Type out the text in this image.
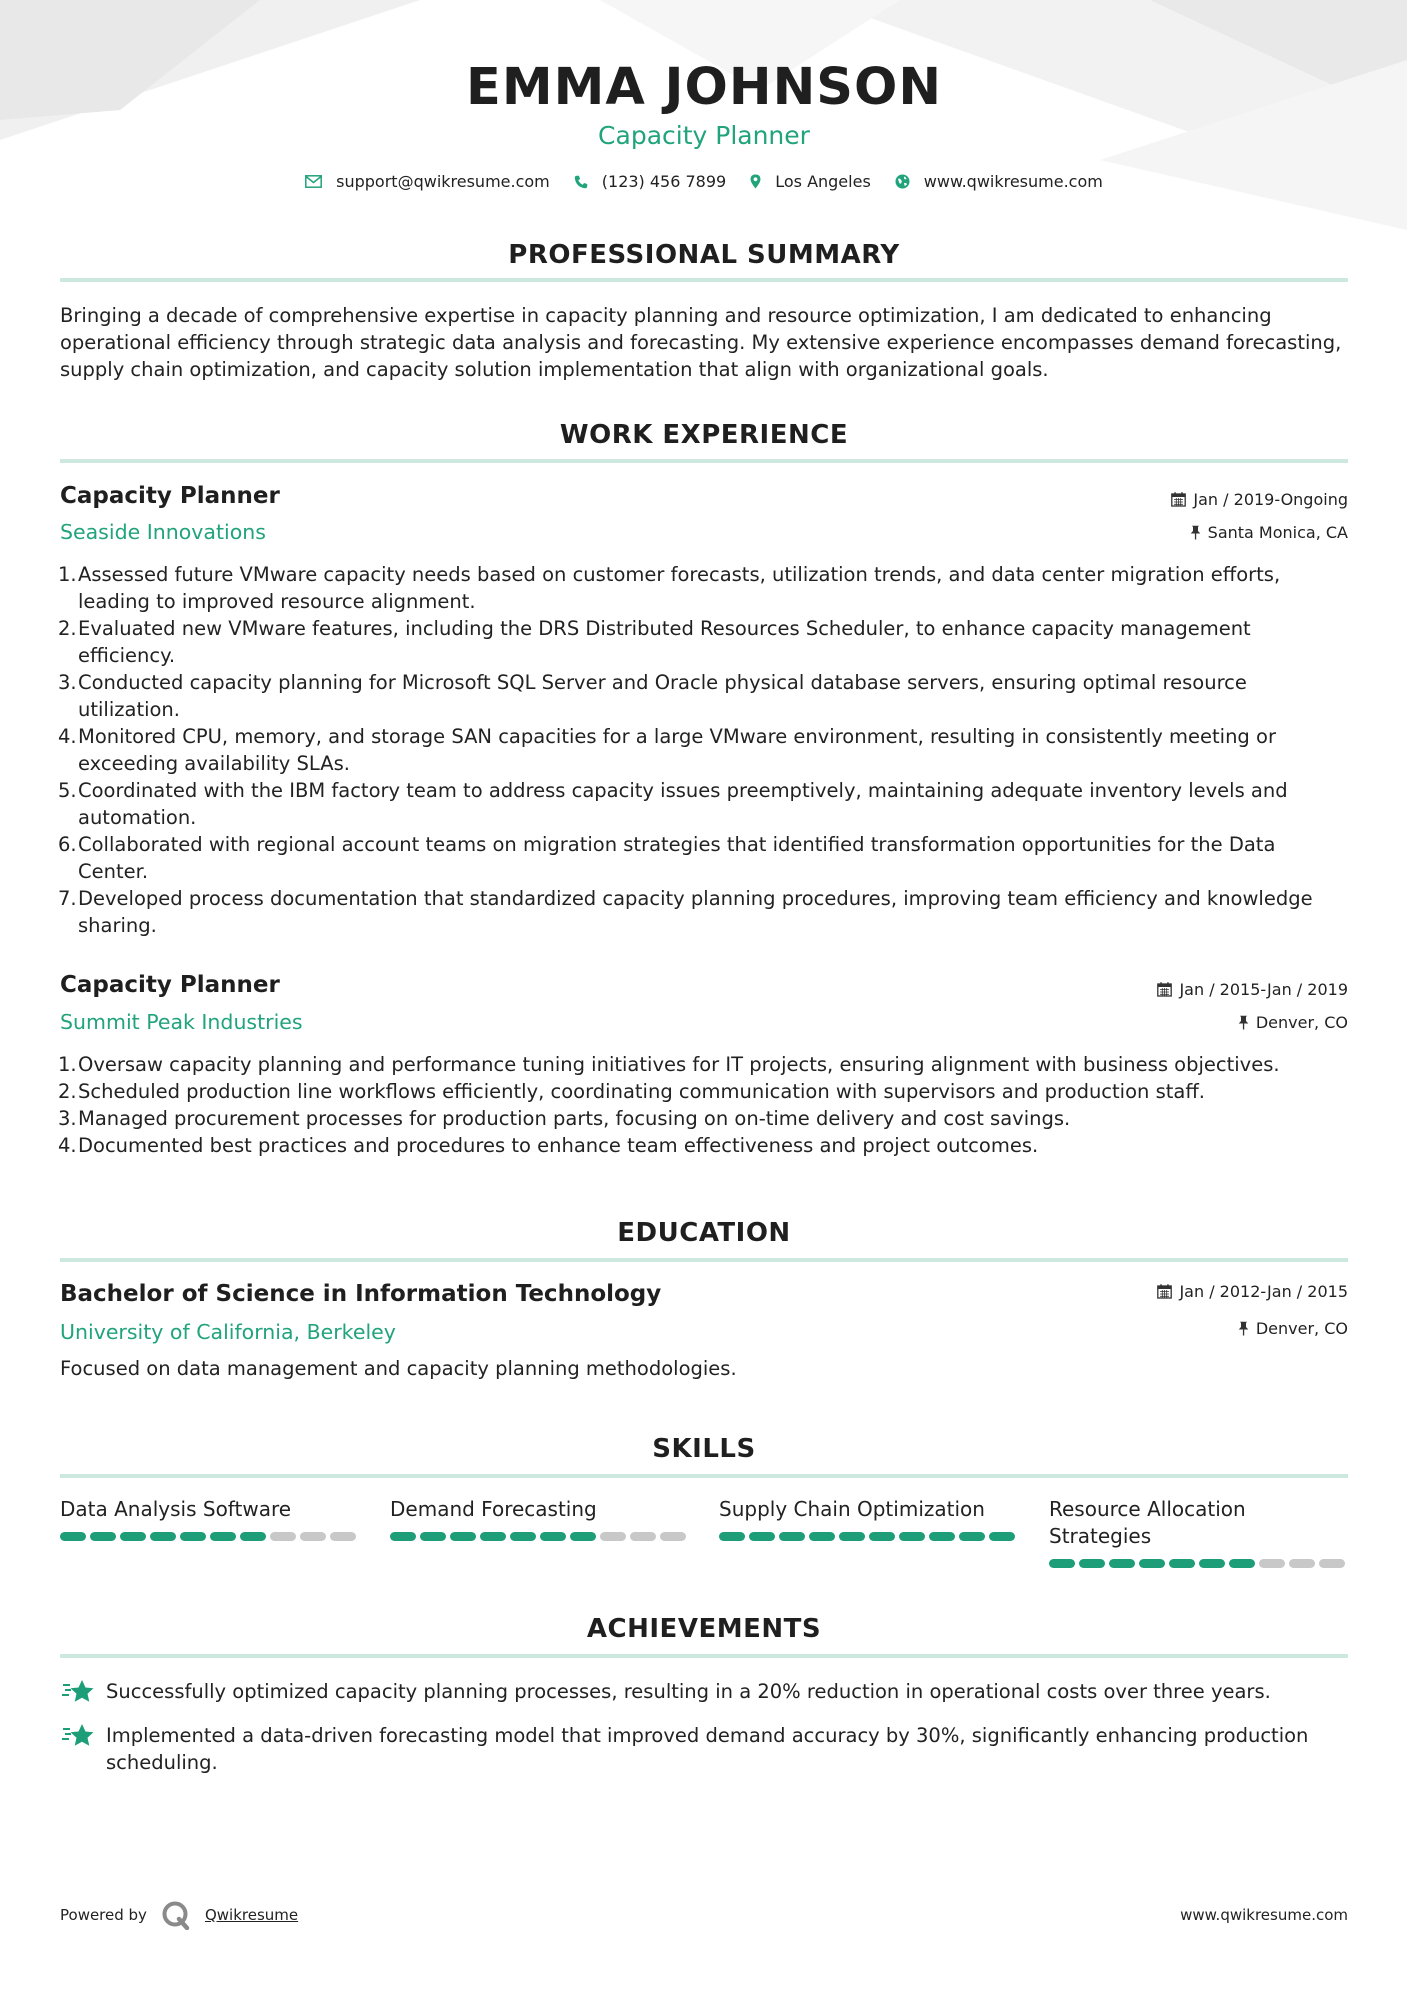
EMMA JOHNSON
Capacity Planner
support@qwikresume.com	(123) 456 7899	Los Angeles	www.qwikresume.com
PROFESSIONAL SUMMARY
Bringing a decade of comprehensive expertise in capacity planning and resource optimization, I am dedicated to enhancing operational efficiency through strategic data analysis and forecasting. My extensive experience encompasses demand forecasting, supply chain optimization, and capacity solution implementation that align with organizational goals.
WORK EXPERIENCE
Capacity Planner	Jan / 2019-Ongoing
Seaside Innovations	Santa Monica, CA
1. Assessed future VMware capacity needs based on customer forecasts, utilization trends, and data center migration efforts, leading to improved resource alignment.
2. Evaluated new VMware features, including the DRS Distributed Resources Scheduler, to enhance capacity management efficiency.
3. Conducted capacity planning for Microsoft SQL Server and Oracle physical database servers, ensuring optimal resource utilization.
4. Monitored CPU, memory, and storage SAN capacities for a large VMware environment, resulting in consistently meeting or exceeding availability SLAs.
5. Coordinated with the IBM factory team to address capacity issues preemptively, maintaining adequate inventory levels and automation.
6. Collaborated with regional account teams on migration strategies that identified transformation opportunities for the Data Center.
7. Developed process documentation that standardized capacity planning procedures, improving team efficiency and knowledge sharing.
Capacity Planner	Jan / 2015-Jan / 2019
Summit Peak Industries	Denver, CO
1. Oversaw capacity planning and performance tuning initiatives for IT projects, ensuring alignment with business objectives.
2. Scheduled production line workflows efficiently, coordinating communication with supervisors and production staff.
3. Managed procurement processes for production parts, focusing on on-time delivery and cost savings.
4. Documented best practices and procedures to enhance team effectiveness and project outcomes.
EDUCATION
Bachelor of Science in Information Technology	Jan / 2012-Jan / 2015
University of California, Berkeley	Denver, CO
Focused on data management and capacity planning methodologies.
SKILLS
Data Analysis Software	Demand Forecasting	Supply Chain Optimization	Resource Allocation Strategies
ACHIEVEMENTS
Successfully optimized capacity planning processes, resulting in a 20% reduction in operational costs over three years.
Implemented a data-driven forecasting model that improved demand accuracy by 30%, significantly enhancing production scheduling.
Powered by	Qwikresume	www.qwikresume.com
